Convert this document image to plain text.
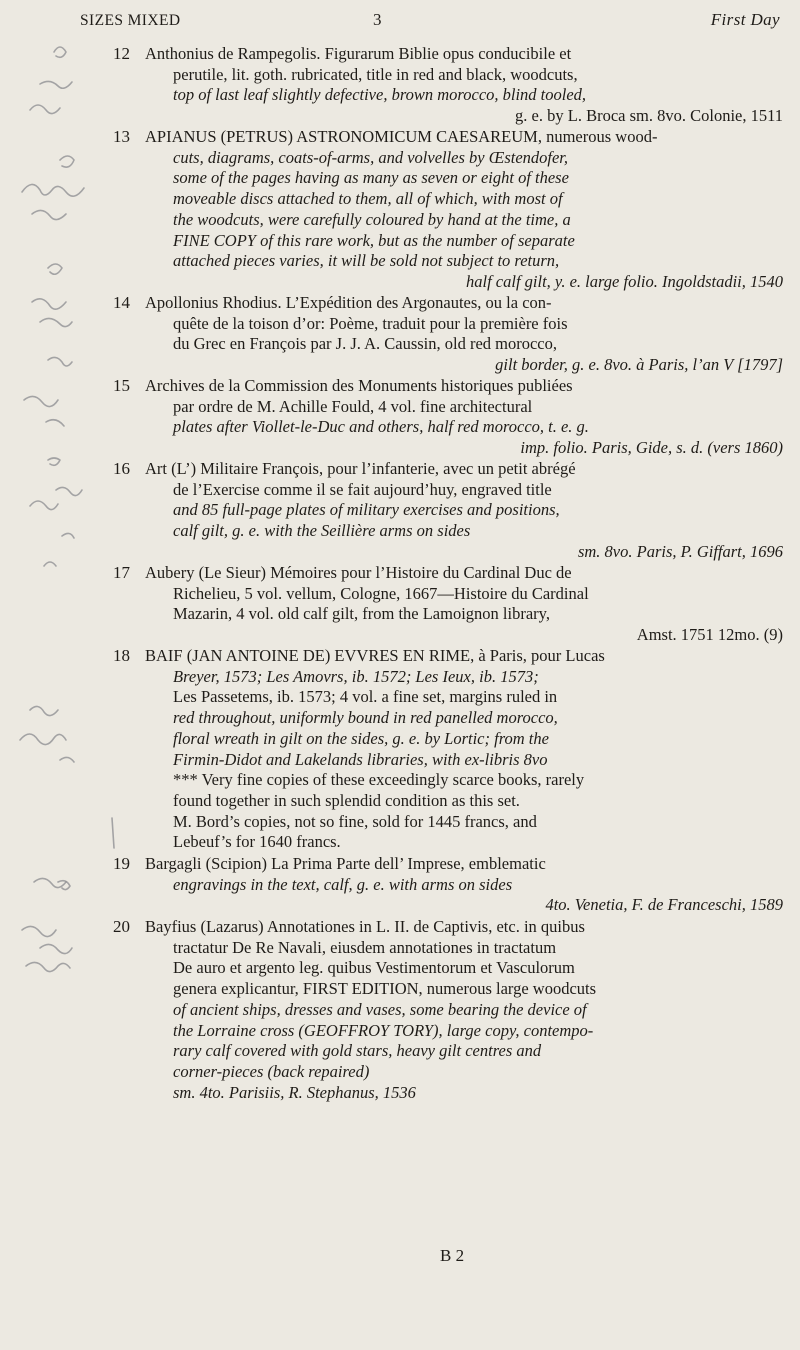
SIZES MIXED	3	First Day
12 Anthonius de Rampegolis. Figurarum Biblie opus conducibile et

perutile, lit. goth. rubricated, title in red and black, woodcuts,

top of last leaf slightly defective, brown morocco, blind tooled,

g. e. by L. Broca sm. 8vo. Colonie, 1511

13 APIANUS (PETRUS) ASTRONOMICUM CAESAREUM, numerous wood-

cuts, diagrams, coats-of-arms, and volvelles by Œstendofer,

some of the pages having as many as seven or eight of these

moveable discs attached to them, all of which, with most of

the woodcuts, were carefully coloured by hand at the time, a

FINE COPY of this rare work, but as the number of separate

attached pieces varies, it will be sold not subject to return,

half calf gilt, y. e. large folio. Ingoldstadii, 1540

14 Apollonius Rhodius. L’Expédition des Argonautes, ou la con-

quête de la toison d’or: Poème, traduit pour la première fois

du Grec en François par J. J. A. Caussin, old red morocco,

gilt border, g. e. 8vo. à Paris, l’an V [1797]

15 Archives de la Commission des Monuments historiques publiées

par ordre de M. Achille Fould, 4 vol. fine architectural

plates after Viollet-le-Duc and others, half red morocco, t. e. g.

imp. folio. Paris, Gide, s. d. (vers 1860)

16 Art (L’) Militaire François, pour l’infanterie, avec un petit abrégé

de l’Exercise comme il se fait aujourd’huy, engraved title

and 85 full-page plates of military exercises and positions,

calf gilt, g. e. with the Seillière arms on sides

sm. 8vo. Paris, P. Giffart, 1696

17 Aubery (Le Sieur) Mémoires pour l’Histoire du Cardinal Duc de

Richelieu, 5 vol. vellum, Cologne, 1667—Histoire du Cardinal

Mazarin, 4 vol. old calf gilt, from the Lamoignon library,

Amst. 1751 12mo. (9)

18 BAIF (JAN ANTOINE DE) EVVRES EN RIME, à Paris, pour Lucas

Breyer, 1573; Les Amovrs, ib. 1572; Les Ieux, ib. 1573;

Les Passetems, ib. 1573; 4 vol. a fine set, margins ruled in

red throughout, uniformly bound in red panelled morocco,

floral wreath in gilt on the sides, g. e. by Lortic; from the

Firmin-Didot and Lakelands libraries, with ex-libris 8vo

*** Very fine copies of these exceedingly scarce books, rarely

found together in such splendid condition as this set.

M. Bord’s copies, not so fine, sold for 1445 francs, and

Lebeuf’s for 1640 francs.

19 Bargagli (Scipion) La Prima Parte dell’ Imprese, emblematic

engravings in the text, calf, g. e. with arms on sides

4to. Venetia, F. de Franceschi, 1589

20 Bayfius (Lazarus) Annotationes in L. II. de Captivis, etc. in quibus

tractatur De Re Navali, eiusdem annotationes in tractatum

De auro et argento leg. quibus Vestimentorum et Vasculorum

genera explicantur, FIRST EDITION, numerous large woodcuts

of ancient ships, dresses and vases, some bearing the device of

the Lorraine cross (GEOFFROY TORY), large copy, contempo-

rary calf covered with gold stars, heavy gilt centres and

corner-pieces (back repaired)

sm. 4to. Parisiis, R. Stephanus, 1536

B 2
